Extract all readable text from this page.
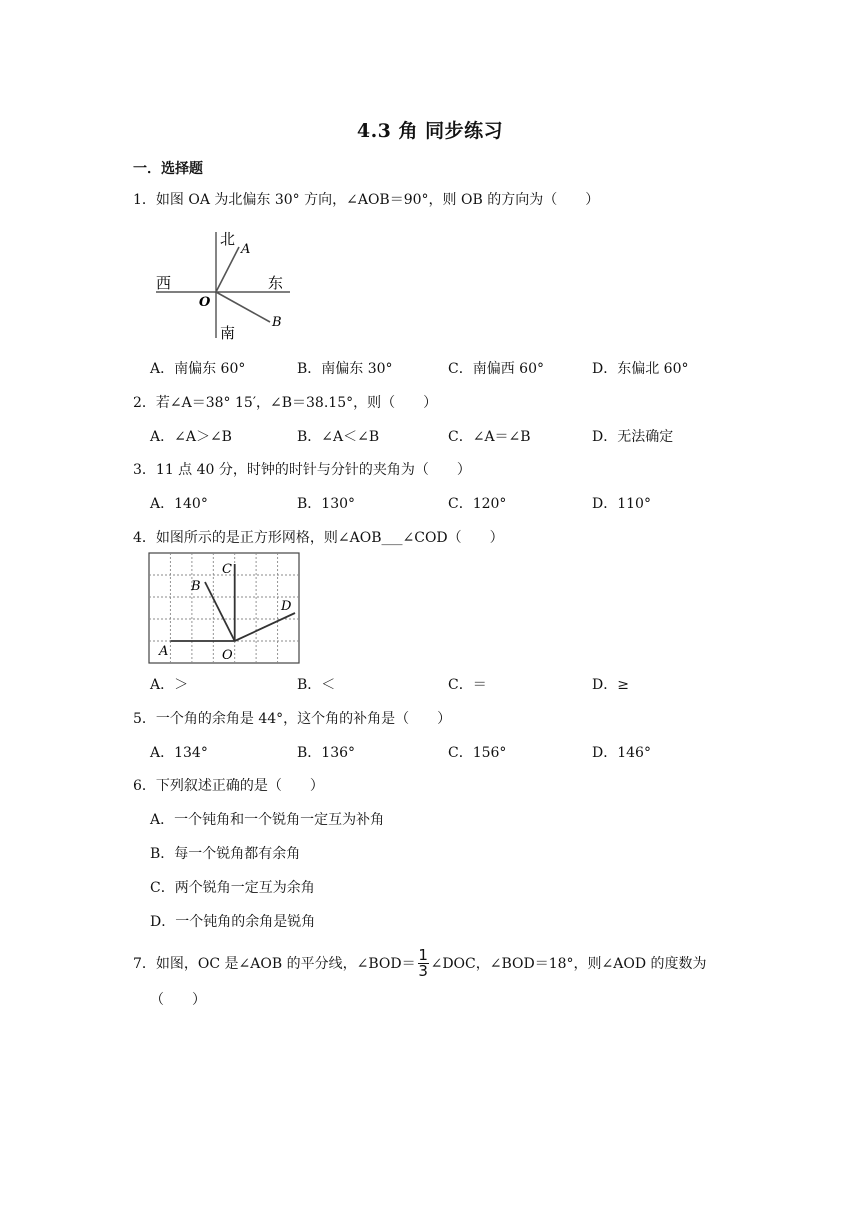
4.3 角 同步练习
一．选择题
1．如图 OA 为北偏东 30° 方向，∠AOB＝90°，则 OB 的方向为（　　）
北
南
东
西
O
A
B
A．南偏东 60°	B．南偏东 30°	C．南偏西 60°	D．东偏北 60°
2．若∠A＝38° 15′，∠B＝38.15°，则（　　）
A．∠A＞∠B	B．∠A＜∠B	C．∠A＝∠B	D．无法确定
3．11 点 40 分，时钟的时针与分针的夹角为（　　）
A．140°	B．130°	C．120°	D．110°
4．如图所示的是正方形网格，则∠AOB___∠COD（　　）
A
B
C
D
O
A．＞	B．＜	C．＝	D．≥
5．一个角的余角是 44°，这个角的补角是（　　）
A．134°	B．136°	C．156°	D．146°
6．下列叙述正确的是（　　）
A．一个钝角和一个锐角一定互为补角
B．每一个锐角都有余角
C．两个锐角一定互为余角
D．一个钝角的余角是锐角
7．如图，OC 是∠AOB 的平分线，∠BOD＝ 1
3 ∠DOC，∠BOD＝18°，则∠AOD 的度数为
（　　）
